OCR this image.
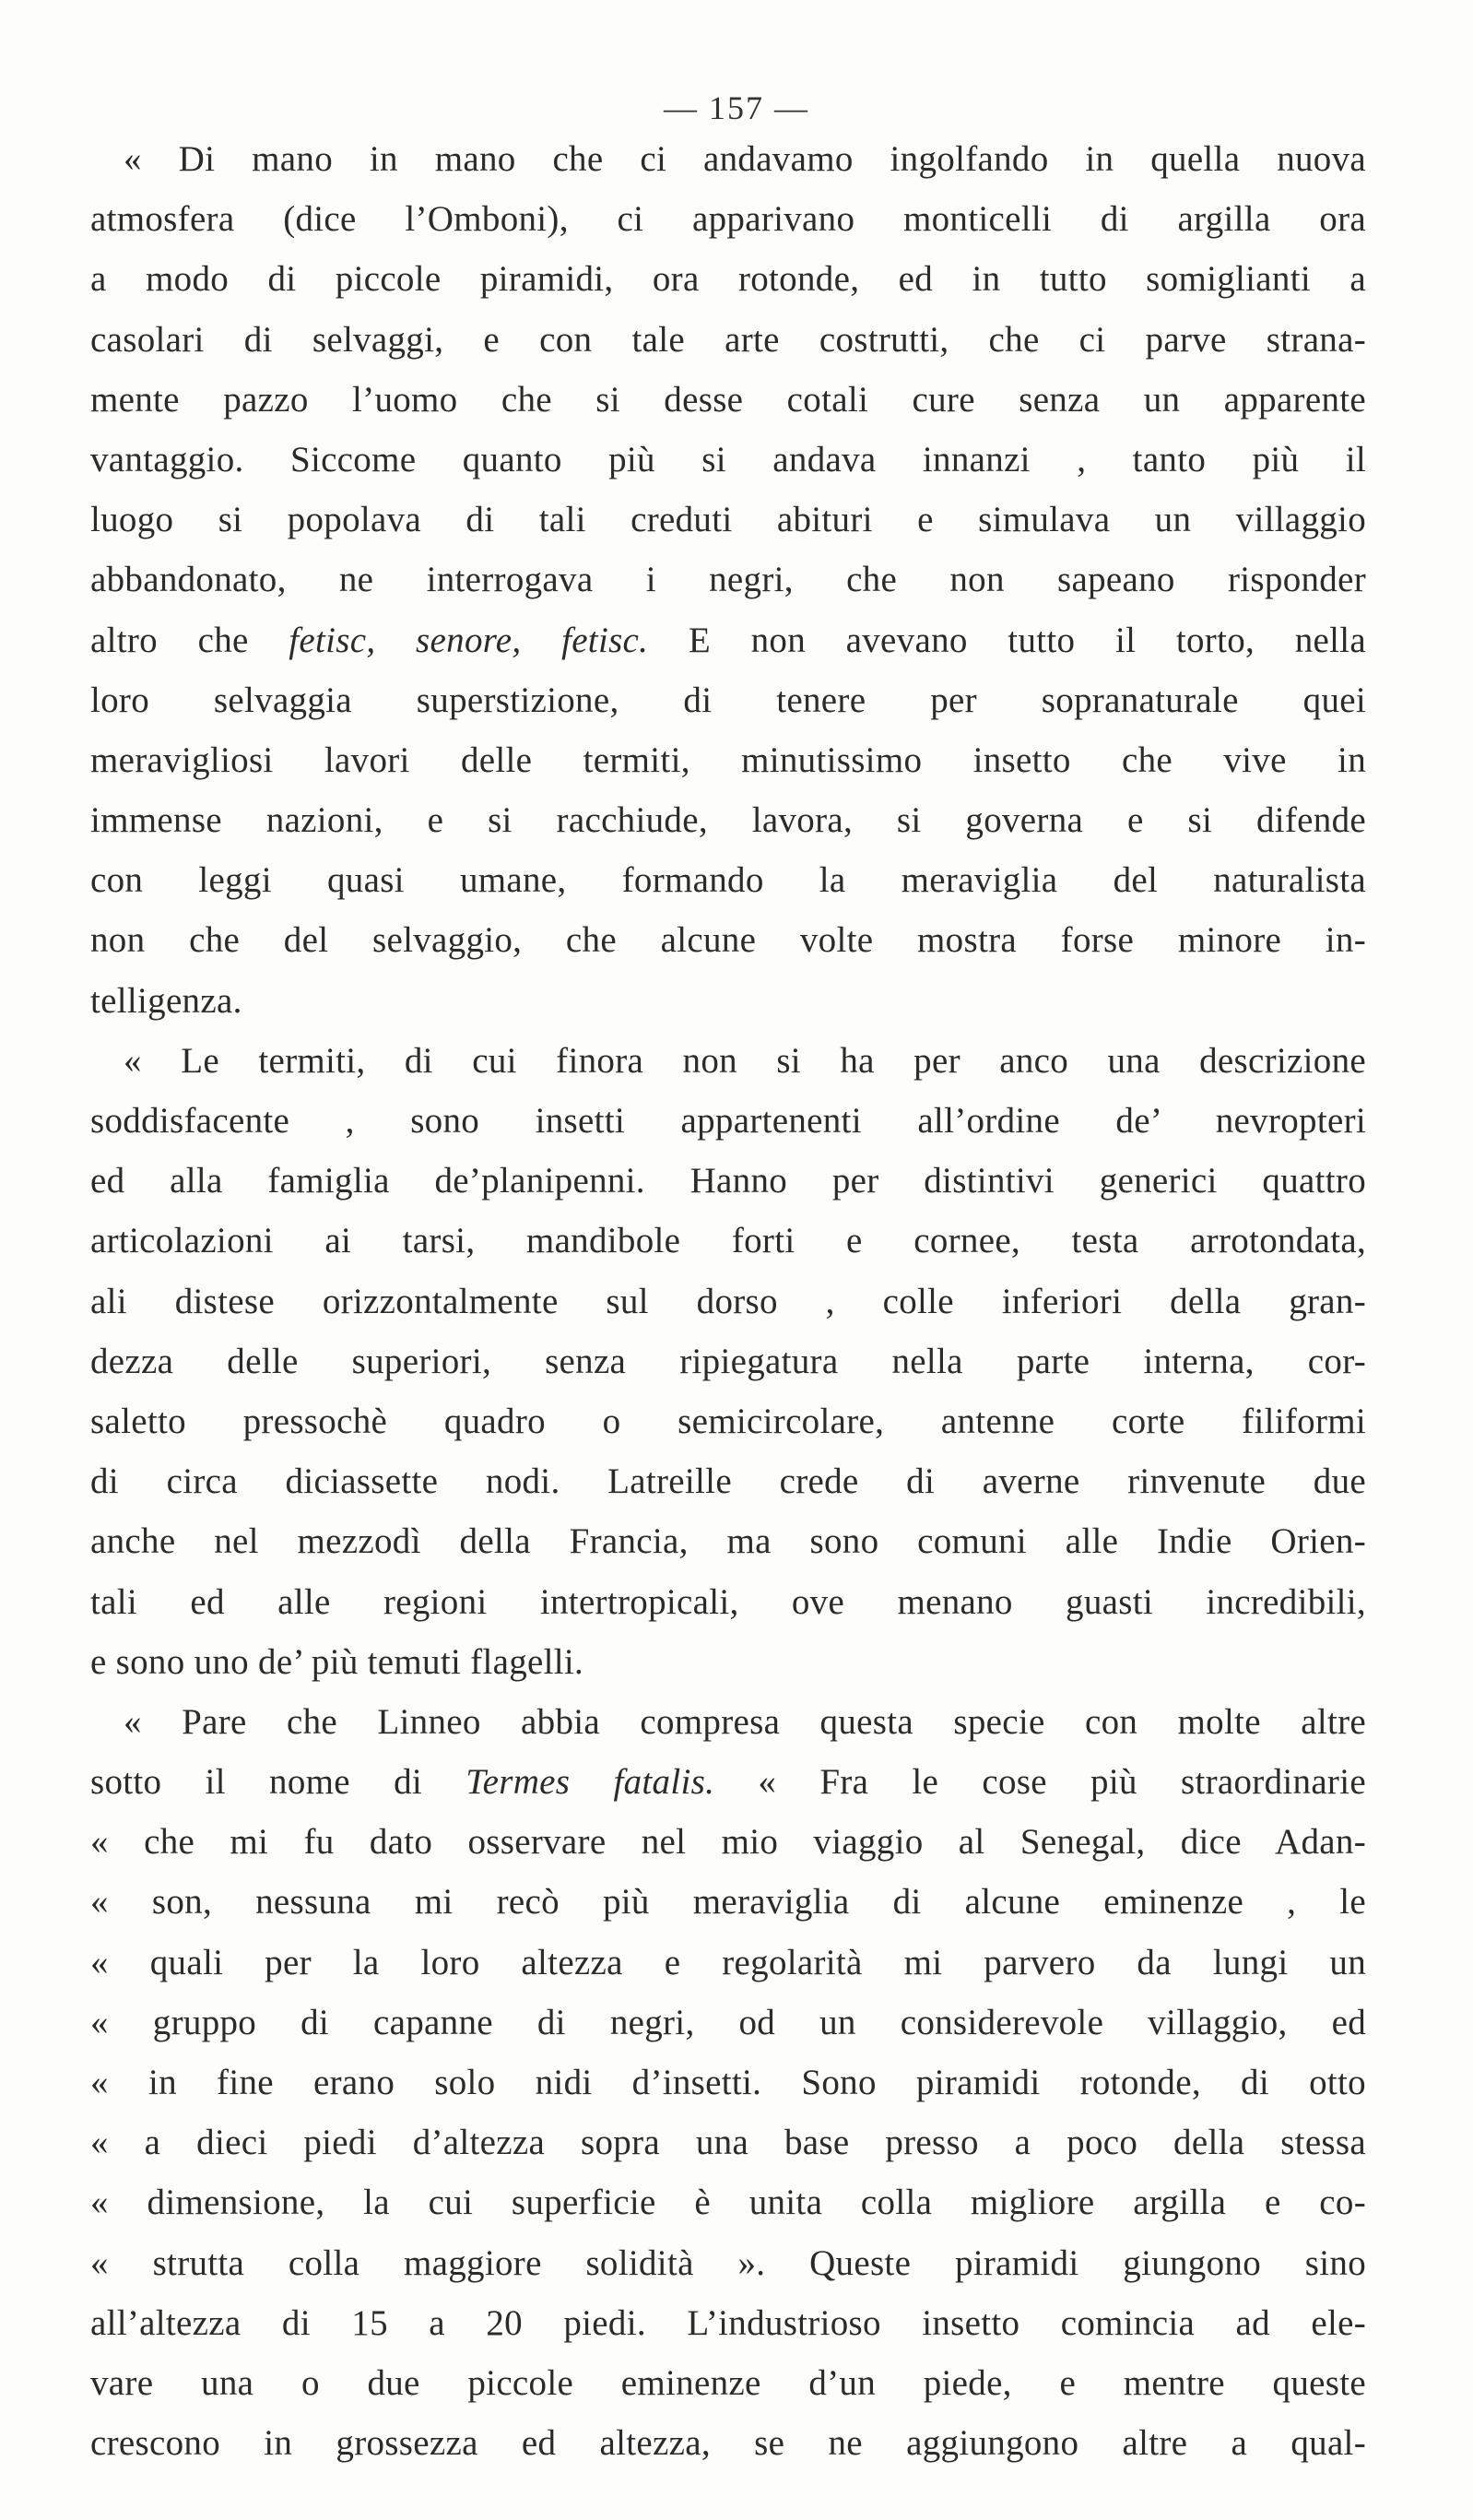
— 157 —
« Di mano in mano che ci andavamo ingolfando in quella nuova
atmosfera (dice l’Omboni), ci apparivano monticelli di argilla ora
a modo di piccole piramidi, ora rotonde, ed in tutto somiglianti a
casolari di selvaggi, e con tale arte costrutti, che ci parve strana-
mente pazzo l’uomo che si desse cotali cure senza un apparente
vantaggio. Siccome quanto più si andava innanzi , tanto più il
luogo si popolava di tali creduti abituri e simulava un villaggio
abbandonato, ne interrogava i negri, che non sapeano risponder
altro che fetisc, senore, fetisc. E non avevano tutto il torto, nella
loro selvaggia superstizione, di tenere per sopranaturale quei
meravigliosi lavori delle termiti, minutissimo insetto che vive in
immense nazioni, e si racchiude, lavora, si governa e si difende
con leggi quasi umane, formando la meraviglia del naturalista
non che del selvaggio, che alcune volte mostra forse minore in-
telligenza.
« Le termiti, di cui finora non si ha per anco una descrizione
soddisfacente , sono insetti appartenenti all’ordine de’ nevropteri
ed alla famiglia de’planipenni. Hanno per distintivi generici quattro
articolazioni ai tarsi, mandibole forti e cornee, testa arrotondata,
ali distese orizzontalmente sul dorso , colle inferiori della gran-
dezza delle superiori, senza ripiegatura nella parte interna, cor-
saletto pressochè quadro o semicircolare, antenne corte filiformi
di circa diciassette nodi. Latreille crede di averne rinvenute due
anche nel mezzodì della Francia, ma sono comuni alle Indie Orien-
tali ed alle regioni intertropicali, ove menano guasti incredibili,
e sono uno de’ più temuti flagelli.
« Pare che Linneo abbia compresa questa specie con molte altre
sotto il nome di Termes fatalis. « Fra le cose più straordinarie
« che mi fu dato osservare nel mio viaggio al Senegal, dice Adan-
« son, nessuna mi recò più meraviglia di alcune eminenze , le
« quali per la loro altezza e regolarità mi parvero da lungi un
« gruppo di capanne di negri, od un considerevole villaggio, ed
« in fine erano solo nidi d’insetti. Sono piramidi rotonde, di otto
« a dieci piedi d’altezza sopra una base presso a poco della stessa
« dimensione, la cui superficie è unita colla migliore argilla e co-
« strutta colla maggiore solidità ». Queste piramidi giungono sino
all’altezza di 15 a 20 piedi. L’industrioso insetto comincia ad ele-
vare una o due piccole eminenze d’un piede, e mentre queste
crescono in grossezza ed altezza, se ne aggiungono altre a qual-
